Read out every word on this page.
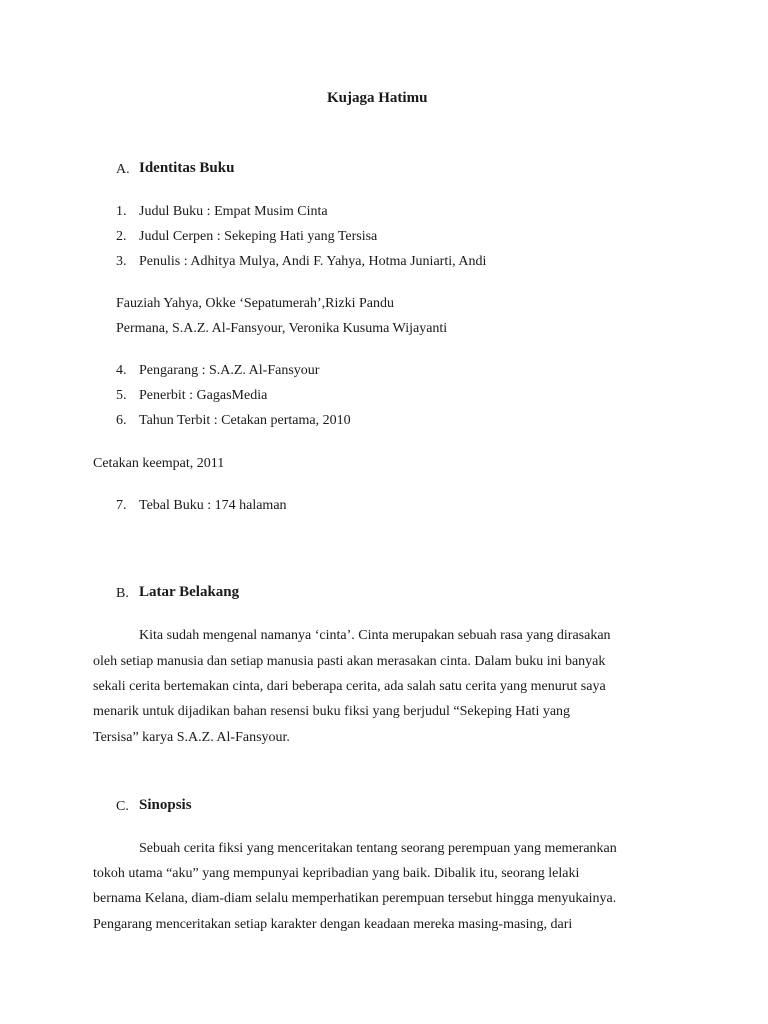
Kujaga Hatimu
A. Identitas Buku
1. Judul Buku : Empat Musim Cinta
2. Judul Cerpen : Sekeping Hati yang Tersisa
3. Penulis : Adhitya Mulya, Andi F. Yahya, Hotma Juniarti, Andi
Fauziah Yahya, Okke ‘Sepatumerah’,Rizki Pandu
Permana, S.A.Z. Al-Fansyour, Veronika Kusuma Wijayanti
4. Pengarang : S.A.Z. Al-Fansyour
5. Penerbit : GagasMedia
6. Tahun Terbit : Cetakan pertama, 2010
Cetakan keempat, 2011
7. Tebal Buku : 174 halaman
B. Latar Belakang
Kita sudah mengenal namanya ‘cinta’. Cinta merupakan sebuah rasa yang dirasakan
oleh setiap manusia dan setiap manusia pasti akan merasakan cinta. Dalam buku ini banyak
sekali cerita bertemakan cinta, dari beberapa cerita, ada salah satu cerita yang menurut saya
menarik untuk dijadikan bahan resensi buku fiksi yang berjudul “Sekeping Hati yang
Tersisa” karya S.A.Z. Al-Fansyour.
C. Sinopsis
Sebuah cerita fiksi yang menceritakan tentang seorang perempuan yang memerankan
tokoh utama “aku” yang mempunyai kepribadian yang baik. Dibalik itu, seorang lelaki
bernama Kelana, diam-diam selalu memperhatikan perempuan tersebut hingga menyukainya.
Pengarang menceritakan setiap karakter dengan keadaan mereka masing-masing, dari
